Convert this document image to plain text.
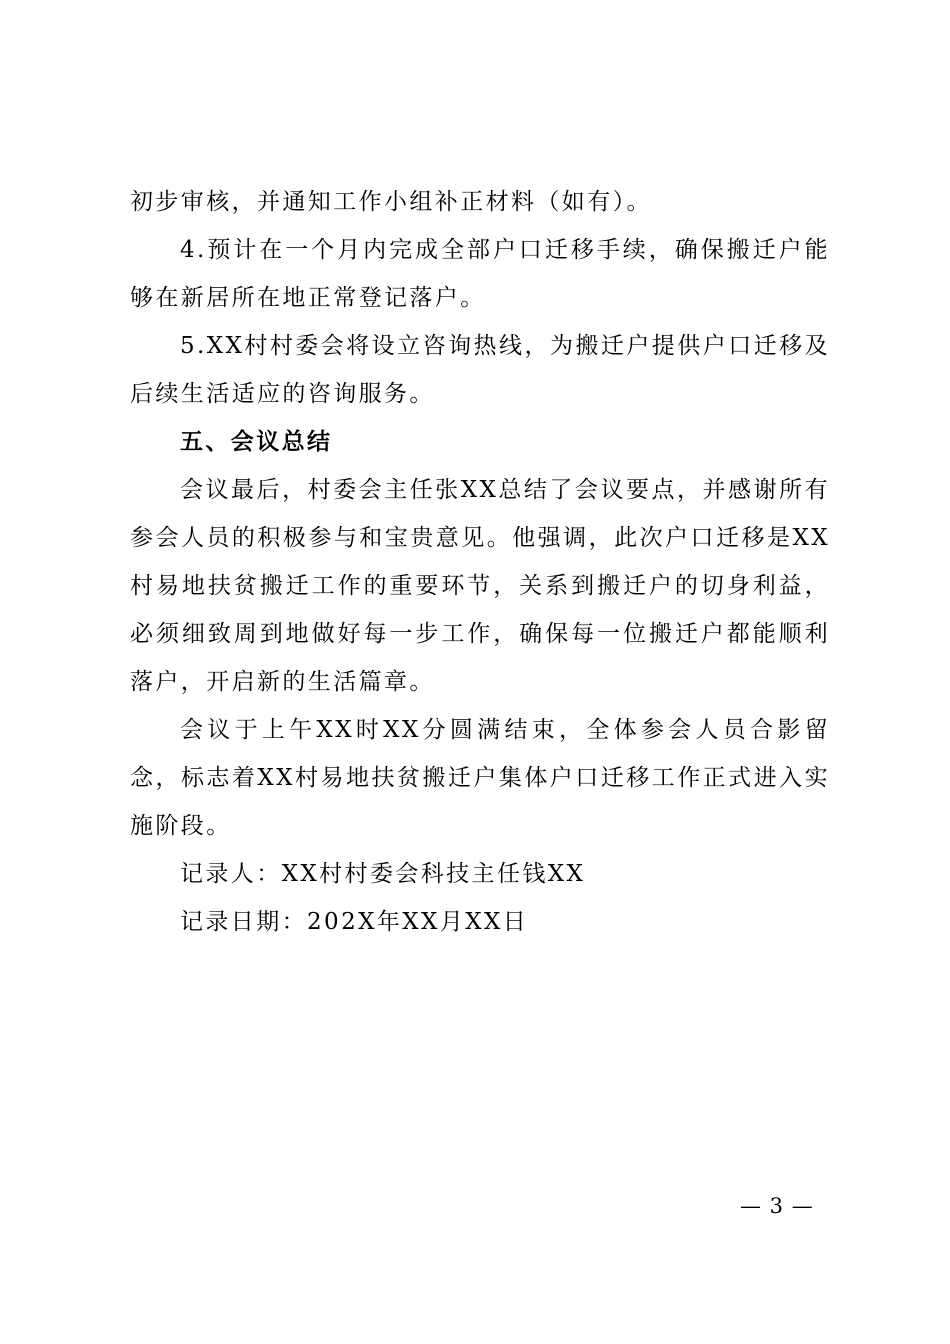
初步审核，并通知工作小组补正材料（如有）。

4.预计在一个月内完成全部户口迁移手续，确保搬迁户能够在新居所在地正常登记落户。

5.XX村村委会将设立咨询热线，为搬迁户提供户口迁移及后续生活适应的咨询服务。

五、会议总结

会议最后，村委会主任张XX总结了会议要点，并感谢所有参会人员的积极参与和宝贵意见。他强调，此次户口迁移是XX村易地扶贫搬迁工作的重要环节，关系到搬迁户的切身利益，必须细致周到地做好每一步工作，确保每一位搬迁户都能顺利落户，开启新的生活篇章。

会议于上午XX时XX分圆满结束，全体参会人员合影留念，标志着XX村易地扶贫搬迁户集体户口迁移工作正式进入实施阶段。

记录人：XX村村委会科技主任钱XX

记录日期：202X年XX月XX日

— 3 —
